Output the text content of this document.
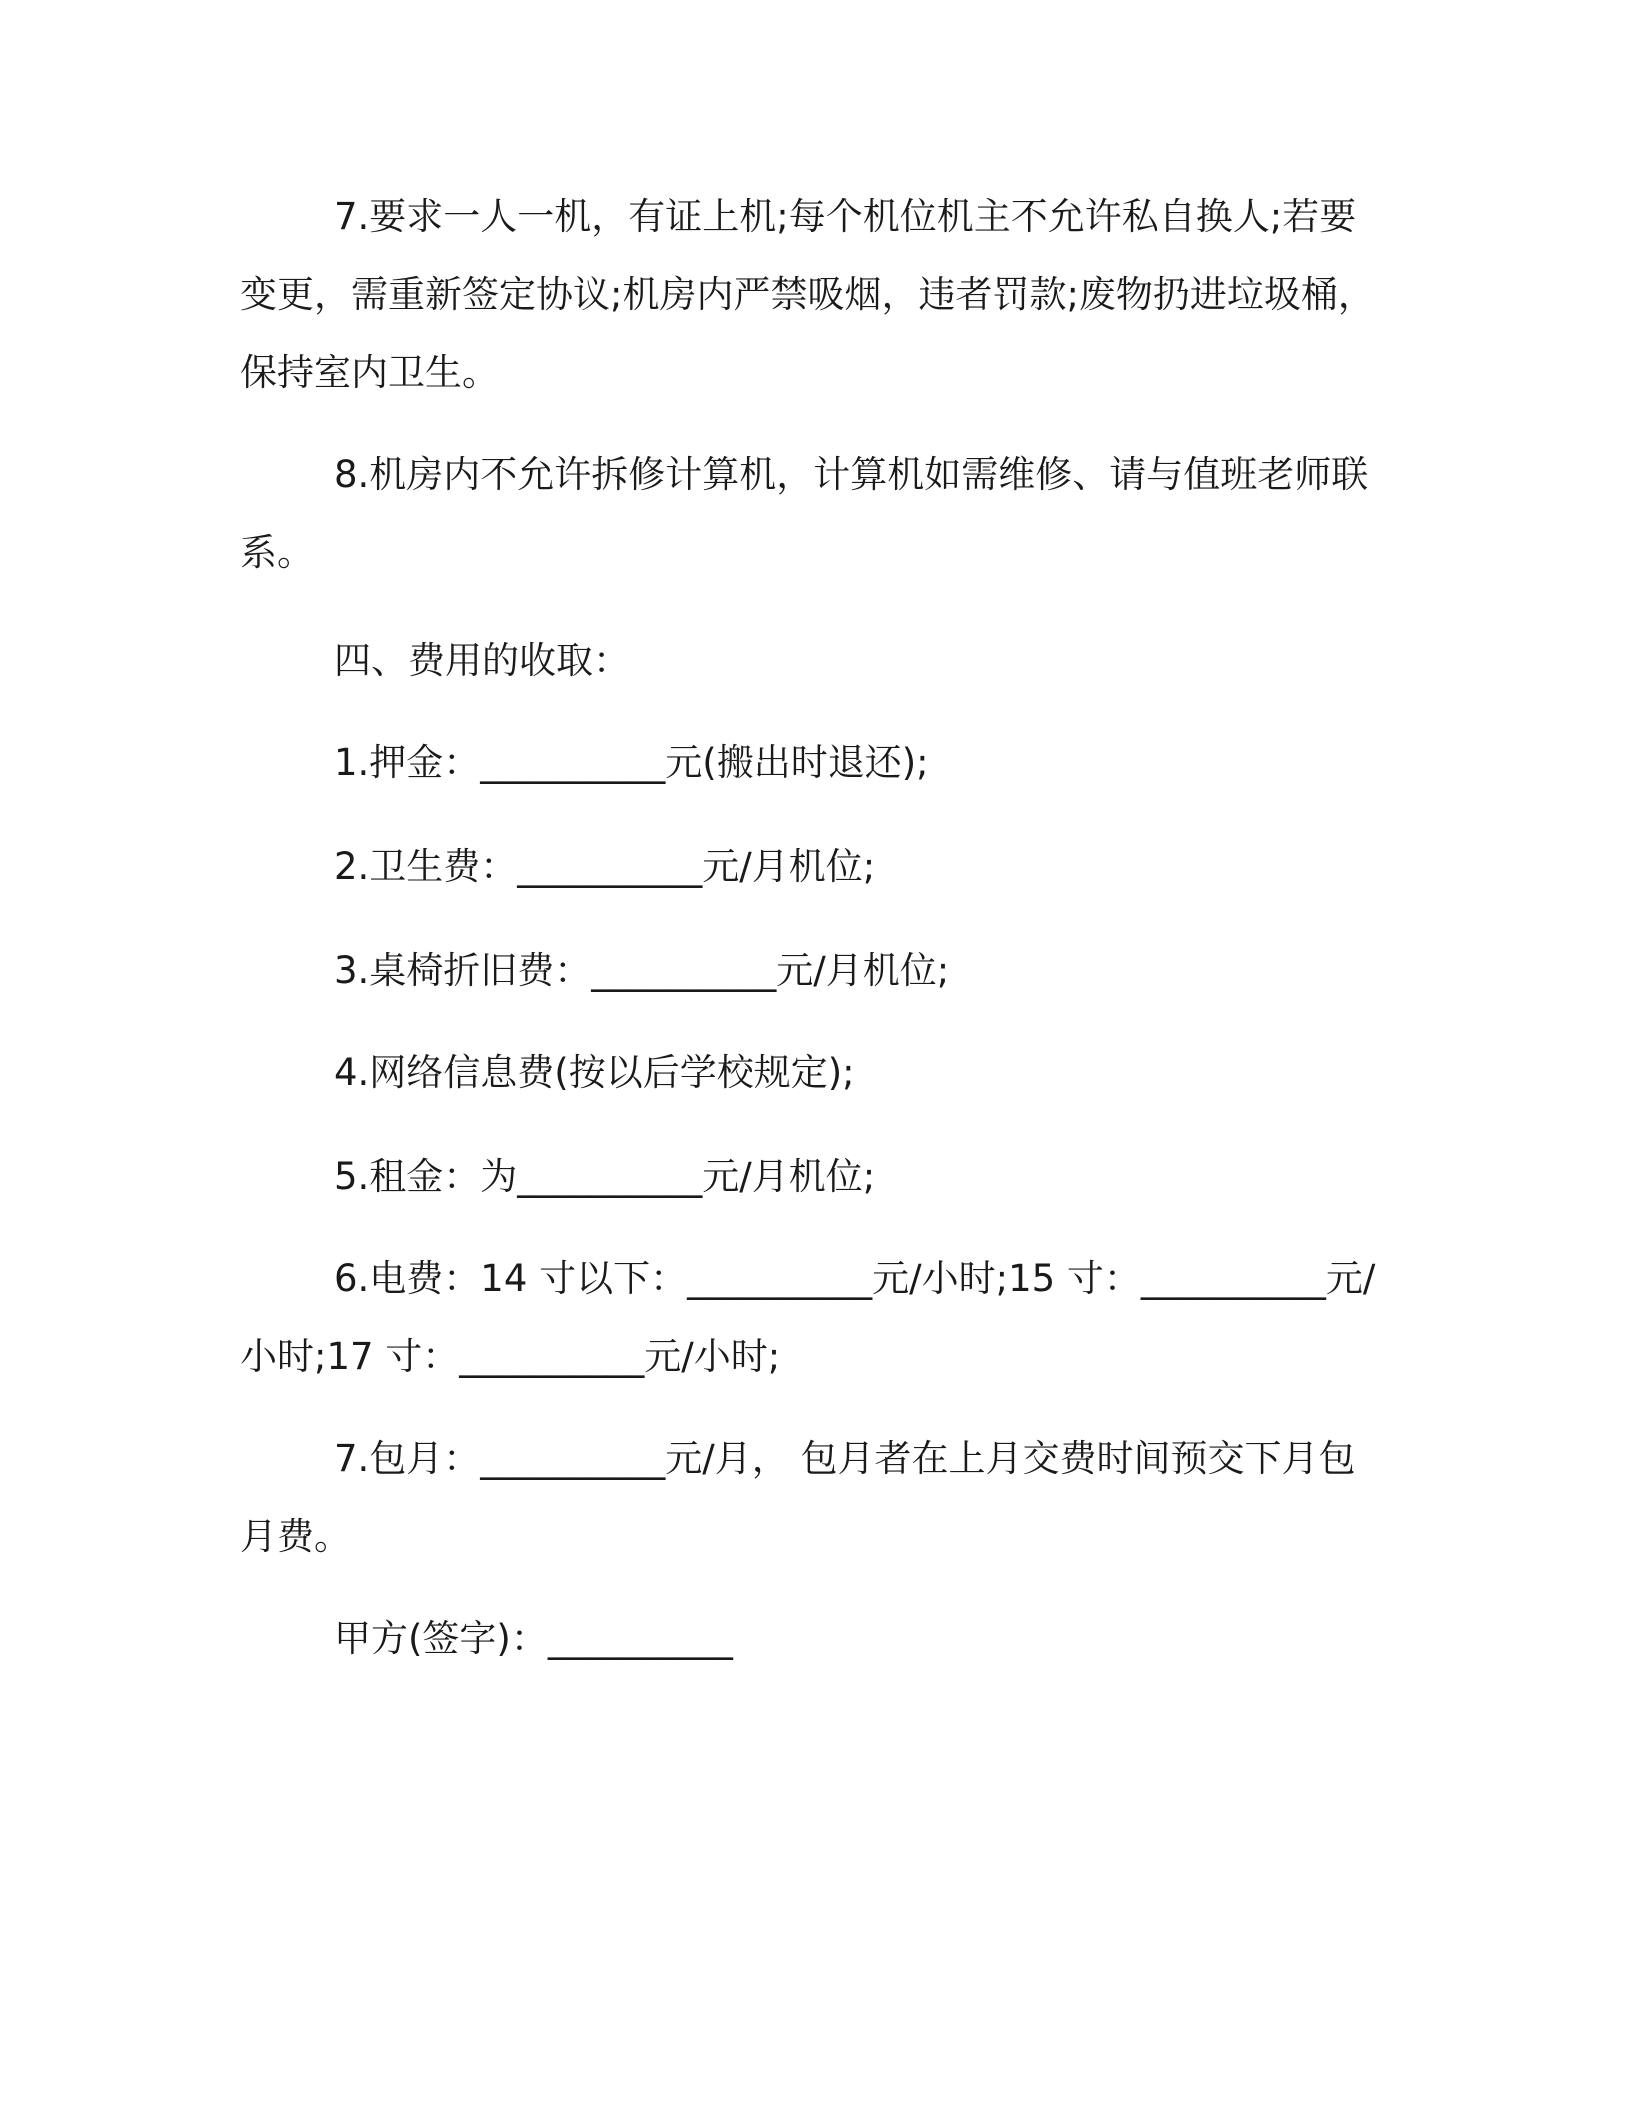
7.要求一人一机，有证上机;每个机位机主不允许私自换人;若要变更，需重新签定协议;机房内严禁吸烟，违者罚款;废物扔进垃圾桶，保持室内卫生。

8.机房内不允许拆修计算机，计算机如需维修、请与值班老师联系。

四、费用的收取：

1.押金：__________元(搬出时退还);

2.卫生费：__________元/月机位;

3.桌椅折旧费：__________元/月机位;

4.网络信息费(按以后学校规定);

5.租金：为__________元/月机位;

6.电费：14 寸以下：__________元/小时;15 寸：__________元/小时;17 寸：__________元/小时;

7.包月：__________元/月， 包月者在上月交费时间预交下月包月费。

甲方(签字)：__________
